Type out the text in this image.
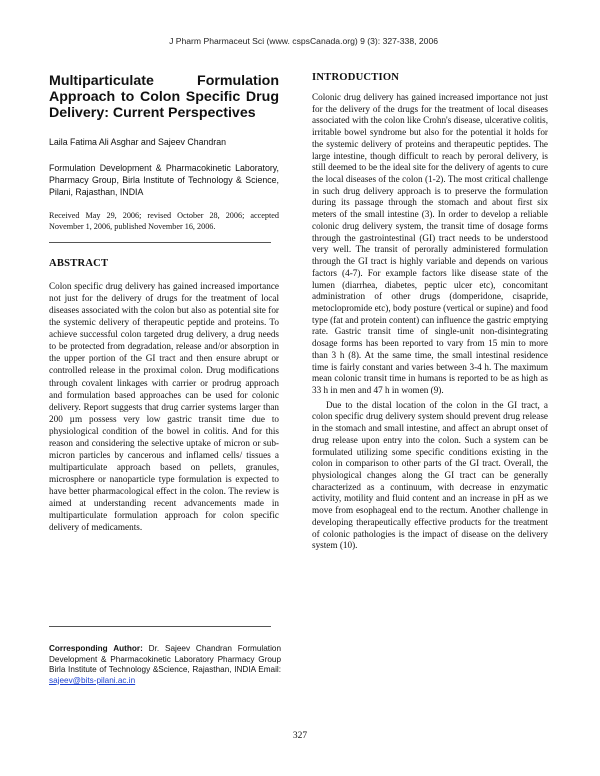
J Pharm Pharmaceut Sci (www. cspsCanada.org) 9 (3): 327-338, 2006
Multiparticulate Formulation Approach to Colon Specific Drug Delivery: Current Perspectives
Laila Fatima Ali Asghar and Sajeev Chandran
Formulation Development & Pharmacokinetic Laboratory, Pharmacy Group, Birla Institute of Technology & Science, Pilani, Rajasthan, INDIA
Received May 29, 2006; revised October 28, 2006; accepted November 1, 2006, published November 16, 2006.
ABSTRACT

Colon specific drug delivery has gained increased importance not just for the delivery of drugs for the treatment of local diseases associated with the colon but also as potential site for the systemic delivery of therapeutic peptide and proteins. To achieve successful colon targeted drug delivery, a drug needs to be protected from degradation, release and/or absorption in the upper portion of the GI tract and then ensure abrupt or controlled release in the proximal colon. Drug modifications through covalent linkages with carrier or prodrug approach and formulation based approaches can be used for colonic delivery. Report suggests that drug carrier systems larger than 200 µm possess very low gastric transit time due to physiological condition of the bowel in colitis. And for this reason and considering the selective uptake of micron or sub-micron particles by cancerous and inflamed cells/ tissues a multiparticulate approach based on pellets, granules, microsphere or nanoparticle type formulation is expected to have better pharmacological effect in the colon. The review is aimed at understanding recent advancements made in multiparticulate formulation approach for colon specific delivery of medicaments.

Corresponding Author: Dr. Sajeev Chandran Formulation Development & Pharmacokinetic Laboratory Pharmacy Group Birla Institute of Technology &Science, Rajasthan, INDIA Email: sajeev@bits-pilani.ac.in

INTRODUCTION

Colonic drug delivery has gained increased importance not just for the delivery of the drugs for the treatment of local diseases associated with the colon like Crohn's disease, ulcerative colitis, irritable bowel syndrome but also for the potential it holds for the systemic delivery of proteins and therapeutic peptides. The large intestine, though difficult to reach by peroral delivery, is still deemed to be the ideal site for the delivery of agents to cure the local diseases of the colon (1-2). The most critical challenge in such drug delivery approach is to preserve the formulation during its passage through the stomach and about first six meters of the small intestine (3). In order to develop a reliable colonic drug delivery system, the transit time of dosage forms through the gastrointestinal (GI) tract needs to be understood very well. The transit of perorally administered formulation through the GI tract is highly variable and depends on various factors (4-7). For example factors like disease state of the lumen (diarrhea, diabetes, peptic ulcer etc), concomitant administration of other drugs (domperidone, cisapride, metoclopromide etc), body posture (vertical or supine) and food type (fat and protein content) can influence the gastric emptying rate. Gastric transit time of single-unit non-disintegrating dosage forms has been reported to vary from 15 min to more than 3 h (8). At the same time, the small intestinal residence time is fairly constant and varies between 3-4 h. The maximum mean colonic transit time in humans is reported to be as high as 33 h in men and 47 h in women (9).

Due to the distal location of the colon in the GI tract, a colon specific drug delivery system should prevent drug release in the stomach and small intestine, and affect an abrupt onset of drug release upon entry into the colon. Such a system can be formulated utilizing some specific conditions existing in the colon in comparison to other parts of the GI tract. Overall, the physiological changes along the GI tract can be generally characterized as a continuum, with decrease in enzymatic activity, motility and fluid content and an increase in pH as we move from esophageal end to the rectum. Another challenge in developing therapeutically effective products for the treatment of colonic pathologies is the impact of disease on the delivery system (10).

327
